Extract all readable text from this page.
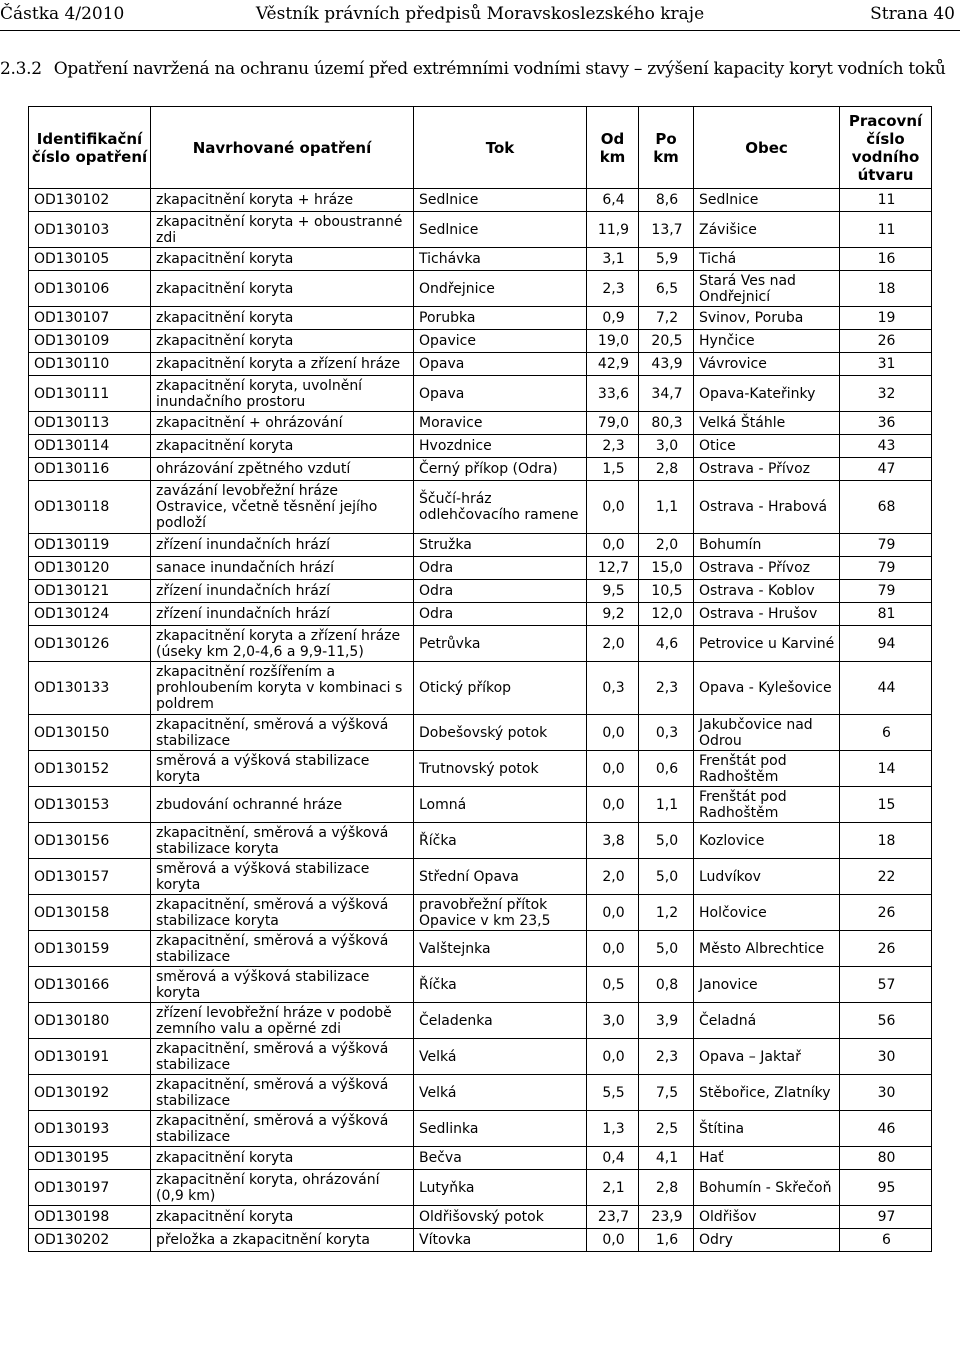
Částka 4/2010	Věstník právních předpisů Moravskoslezského kraje	Strana 40
2.3.2 Opatření navržená na ochranu území před extrémními vodními stavy – zvýšení kapacity koryt vodních toků
Identifikační číslo opatření	Navrhované opatření	Tok	Od km	Po km	Obec	Pracovní číslo vodního útvaru
OD130102	zkapacitnění koryta + hráze	Sedlnice	6,4	8,6	Sedlnice	11
OD130103	zkapacitnění koryta + oboustranné zdi	Sedlnice	11,9	13,7	Závišice	11
OD130105	zkapacitnění koryta	Tichávka	3,1	5,9	Tichá	16
OD130106	zkapacitnění koryta	Ondřejnice	2,3	6,5	Stará Ves nad Ondřejnicí	18
OD130107	zkapacitnění koryta	Porubka	0,9	7,2	Svinov, Poruba	19
OD130109	zkapacitnění koryta	Opavice	19,0	20,5	Hynčice	26
OD130110	zkapacitnění koryta a zřízení hráze	Opava	42,9	43,9	Vávrovice	31
OD130111	zkapacitnění koryta, uvolnění inundačního prostoru	Opava	33,6	34,7	Opava-Kateřinky	32
OD130113	zkapacitnění + ohrázování	Moravice	79,0	80,3	Velká Štáhle	36
OD130114	zkapacitnění koryta	Hvozdnice	2,3	3,0	Otice	43
OD130116	ohrázování zpětného vzdutí	Černý příkop (Odra)	1,5	2,8	Ostrava - Přívoz	47
OD130118	zavázání levobřežní hráze Ostravice, včetně těsnění jejího podloží	Ščučí-hráz odlehčovacího ramene	0,0	1,1	Ostrava - Hrabová	68
OD130119	zřízení inundačních hrází	Stružka	0,0	2,0	Bohumín	79
OD130120	sanace inundačních hrází	Odra	12,7	15,0	Ostrava - Přívoz	79
OD130121	zřízení inundačních hrází	Odra	9,5	10,5	Ostrava - Koblov	79
OD130124	zřízení inundačních hrází	Odra	9,2	12,0	Ostrava - Hrušov	81
OD130126	zkapacitnění koryta a zřízení hráze (úseky km 2,0-4,6 a 9,9-11,5)	Petrůvka	2,0	4,6	Petrovice u Karviné	94
OD130133	zkapacitnění rozšířením a prohloubením koryta v kombinaci s poldrem	Otický příkop	0,3	2,3	Opava - Kylešovice	44
OD130150	zkapacitnění, směrová a výšková stabilizace	Dobešovský potok	0,0	0,3	Jakubčovice nad Odrou	6
OD130152	směrová a výšková stabilizace koryta	Trutnovský potok	0,0	0,6	Frenštát pod Radhoštěm	14
OD130153	zbudování ochranné hráze	Lomná	0,0	1,1	Frenštát pod Radhoštěm	15
OD130156	zkapacitnění, směrová a výšková stabilizace koryta	Říčka	3,8	5,0	Kozlovice	18
OD130157	směrová a výšková stabilizace koryta	Střední Opava	2,0	5,0	Ludvíkov	22
OD130158	zkapacitnění, směrová a výšková stabilizace koryta	pravobřežní přítok Opavice v km 23,5	0,0	1,2	Holčovice	26
OD130159	zkapacitnění, směrová a výšková stabilizace	Valštejnka	0,0	5,0	Město Albrechtice	26
OD130166	směrová a výšková stabilizace koryta	Říčka	0,5	0,8	Janovice	57
OD130180	zřízení levobřežní hráze v podobě zemního valu a opěrné zdi	Čeladenka	3,0	3,9	Čeladná	56
OD130191	zkapacitnění, směrová a výšková stabilizace	Velká	0,0	2,3	Opava – Jaktař	30
OD130192	zkapacitnění, směrová a výšková stabilizace	Velká	5,5	7,5	Stěbořice, Zlatníky	30
OD130193	zkapacitnění, směrová a výšková stabilizace	Sedlinka	1,3	2,5	Štítina	46
OD130195	zkapacitnění koryta	Bečva	0,4	4,1	Hať	80
OD130197	zkapacitnění koryta, ohrázování (0,9 km)	Lutyňka	2,1	2,8	Bohumín - Skřečoň	95
OD130198	zkapacitnění koryta	Oldřišovský potok	23,7	23,9	Oldřišov	97
OD130202	přeložka a zkapacitnění koryta	Vítovka	0,0	1,6	Odry	6
